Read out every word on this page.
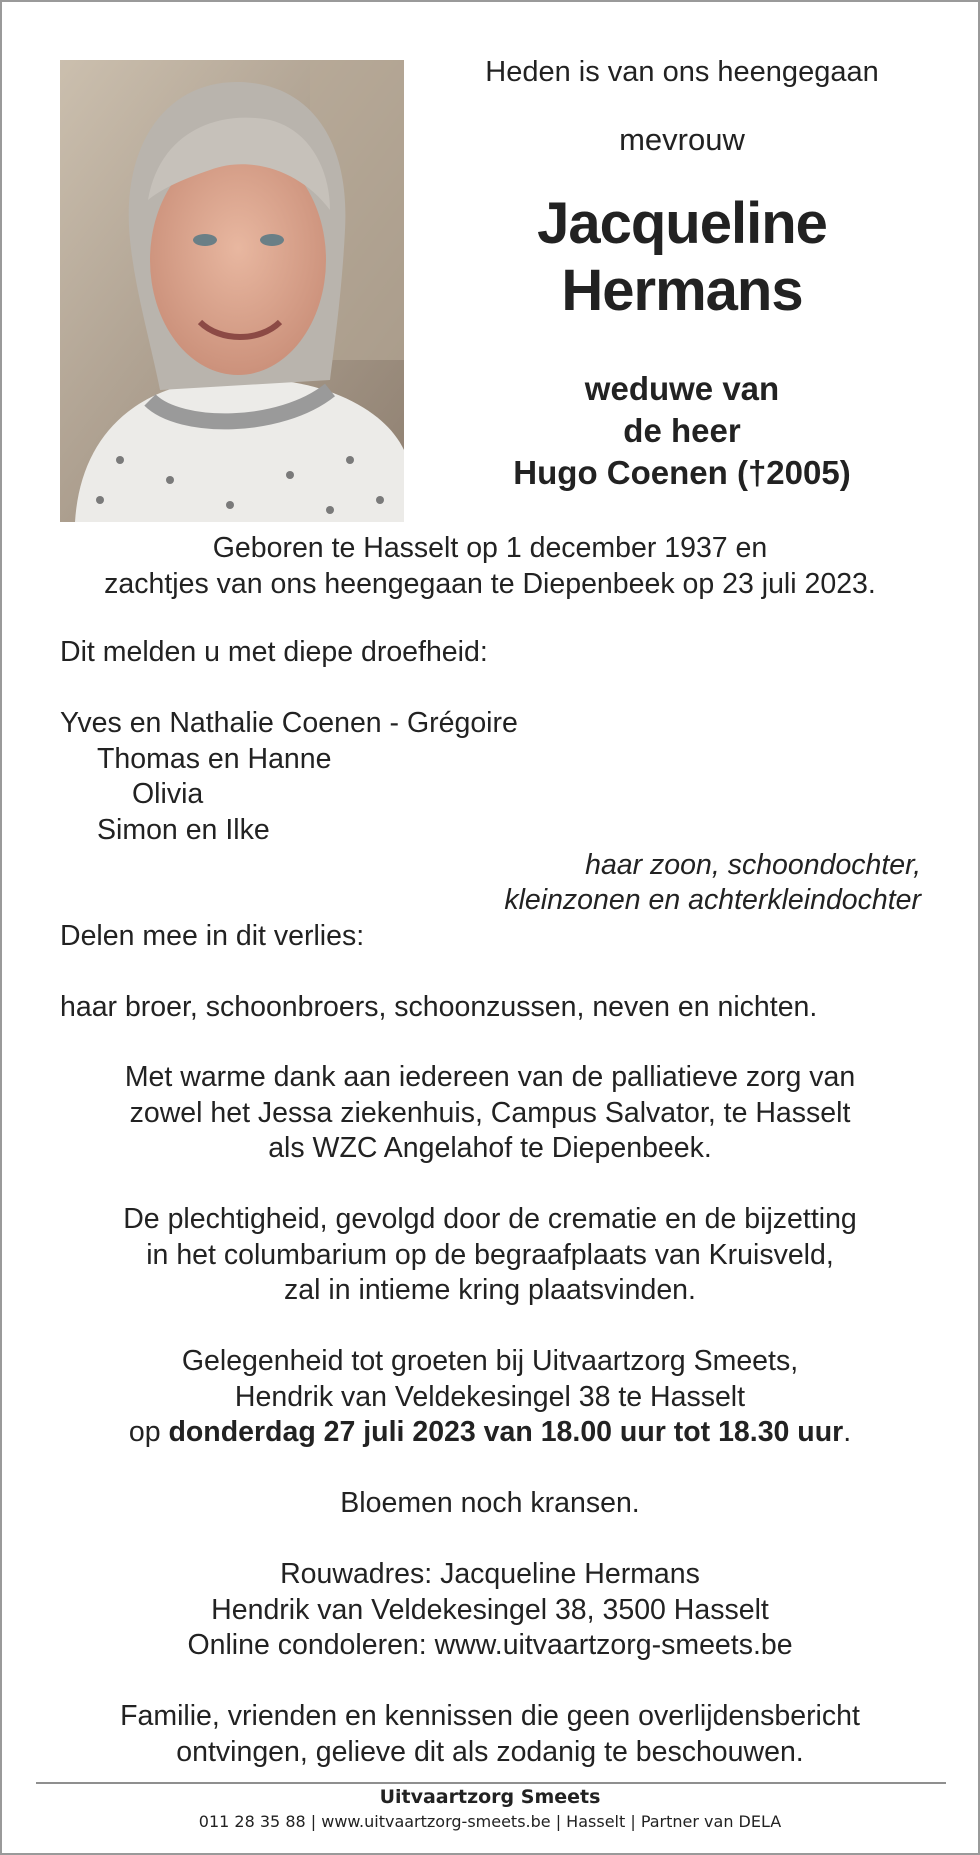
Heden is van ons heengegaan
mevrouw
Jacqueline
Hermans
weduwe van
de heer
Hugo Coenen (†2005)
Geboren te Hasselt op 1 december 1937 en
zachtjes van ons heengegaan te Diepenbeek op 23 juli 2023.
Dit melden u met diepe droefheid:
Yves en Nathalie Coenen - Grégoire
Thomas en Hanne
Olivia
Simon en Ilke
haar zoon, schoondochter,
kleinzonen en achterkleindochter
Delen mee in dit verlies:
haar broer, schoonbroers, schoonzussen, neven en nichten.
Met warme dank aan iedereen van de palliatieve zorg van
zowel het Jessa ziekenhuis, Campus Salvator, te Hasselt
als WZC Angelahof te Diepenbeek.
De plechtigheid, gevolgd door de crematie en de bijzetting
in het columbarium op de begraafplaats van Kruisveld,
zal in intieme kring plaatsvinden.
Gelegenheid tot groeten bij Uitvaartzorg Smeets,
Hendrik van Veldekesingel 38 te Hasselt
op donderdag 27 juli 2023 van 18.00 uur tot 18.30 uur.
Bloemen noch kransen.
Rouwadres: Jacqueline Hermans
Hendrik van Veldekesingel 38, 3500 Hasselt
Online condoleren: www.uitvaartzorg-smeets.be
Familie, vrienden en kennissen die geen overlijdensbericht
ontvingen, gelieve dit als zodanig te beschouwen.
Uitvaartzorg Smeets
011 28 35 88 | www.uitvaartzorg-smeets.be | Hasselt | Partner van DELA
